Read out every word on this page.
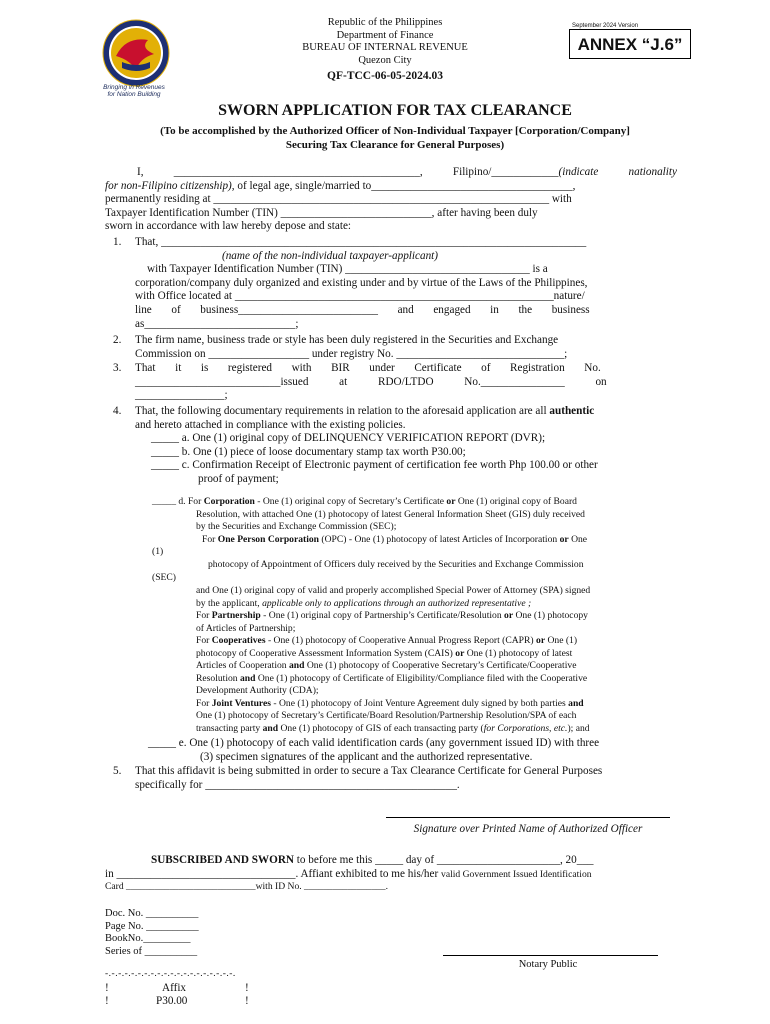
Bringing in Revenues
for Nation Building
Republic of the Philippines
Department of Finance
BUREAU OF INTERNAL REVENUE
Quezon City
September 2024 Version
ANNEX “J.6”
QF-TCC-06-05-2024.03
SWORN APPLICATION FOR TAX CLEARANCE
(To be accomplished by the Authorized Officer of Non-Individual Taxpayer [Corporation/Company]
Securing Tax Clearance for General Purposes)
I, ____________________________________________, Filipino/____________(indicate nationality
for non-Filipino citizenship), of legal age, single/married to____________________________________,
permanently residing at ____________________________________________________________ with
Taxpayer Identification Number (TIN) ___________________________, after having been duly
sworn in accordance with law hereby depose and state:
1. That, ____________________________________________________________________________
(name of the non-individual taxpayer-applicant)
with Taxpayer Identification Number (TIN) _________________________________ is a
corporation/company duly organized and existing under and by virtue of the Laws of the Philippines,
with Office located at _________________________________________________________nature/
line       of       business_________________________       and       engaged       in       the       business
as___________________________;
2. The firm name, business trade or style has been duly registered in the Securities and Exchange
Commission on __________________ under registry No. ______________________________;
3. That       it       is       registered       with       BIR       under       Certificate       of       Registration       No.
__________________________issued           at           RDO/LTDO           No._______________           on
________________;
4. That, the following documentary requirements in relation to the aforesaid application are all authentic
and hereto attached in compliance with the existing policies.
_____ a. One (1) original copy of DELINQUENCY VERIFICATION REPORT (DVR);
_____ b. One (1) piece of loose documentary stamp tax worth P30.00;
_____ c. Confirmation Receipt of Electronic payment of certification fee worth Php 100.00 or other
proof of payment;
_____ d. For Corporation - One (1) original copy of Secretary’s Certificate or One (1) original copy of Board
Resolution, with attached One (1) photocopy of latest General Information Sheet (GIS) duly received
by the Securities and Exchange Commission (SEC);
For One Person Corporation (OPC) - One (1) photocopy of latest Articles of Incorporation or One
(1)
photocopy of Appointment of Officers duly received by the Securities and Exchange Commission
(SEC)
and One (1) original copy of valid and properly accomplished Special Power of Attorney (SPA) signed
by the applicant, applicable only to applications through an authorized representative ;
For Partnership - One (1) original copy of Partnership’s Certificate/Resolution or One (1) photocopy
of Articles of Partnership;
For Cooperatives - One (1) photocopy of Cooperative Annual Progress Report (CAPR) or One (1)
photocopy of Cooperative Assessment Information System (CAIS) or One (1) photocopy of latest
Articles of Cooperation and One (1) photocopy of Cooperative Secretary’s Certificate/Cooperative
Resolution and One (1) photocopy of Certificate of Eligibility/Compliance filed with the Cooperative
Development Authority (CDA);
For Joint Ventures - One (1) photocopy of Joint Venture Agreement duly signed by both parties and
One (1) photocopy of Secretary’s Certificate/Board Resolution/Partnership Resolution/SPA of each
transacting party and One (1) photocopy of GIS of each transacting party (for Corporations, etc.); and
_____ e. One (1) photocopy of each valid identification cards (any government issued ID) with three
(3) specimen signatures of the applicant and the authorized representative.
5. That this affidavit is being submitted in order to secure a Tax Clearance Certificate for General Purposes
specifically for _____________________________________________.
Signature over Printed Name of Authorized Officer
SUBSCRIBED AND SWORN to before me this _____ day of ______________________, 20___
in ________________________________. Affiant exhibited to me his/her valid Government Issued Identification
Card ___________________________with ID No. _________________.
Doc. No. __________
Page No. __________
BookNo._________
Series of __________
Notary Public
-.-.-.-.-.-.-.-.-.-.-.-.-.-.-.-.-.-.-.-.
!	Affix	!
!	P30.00	!
